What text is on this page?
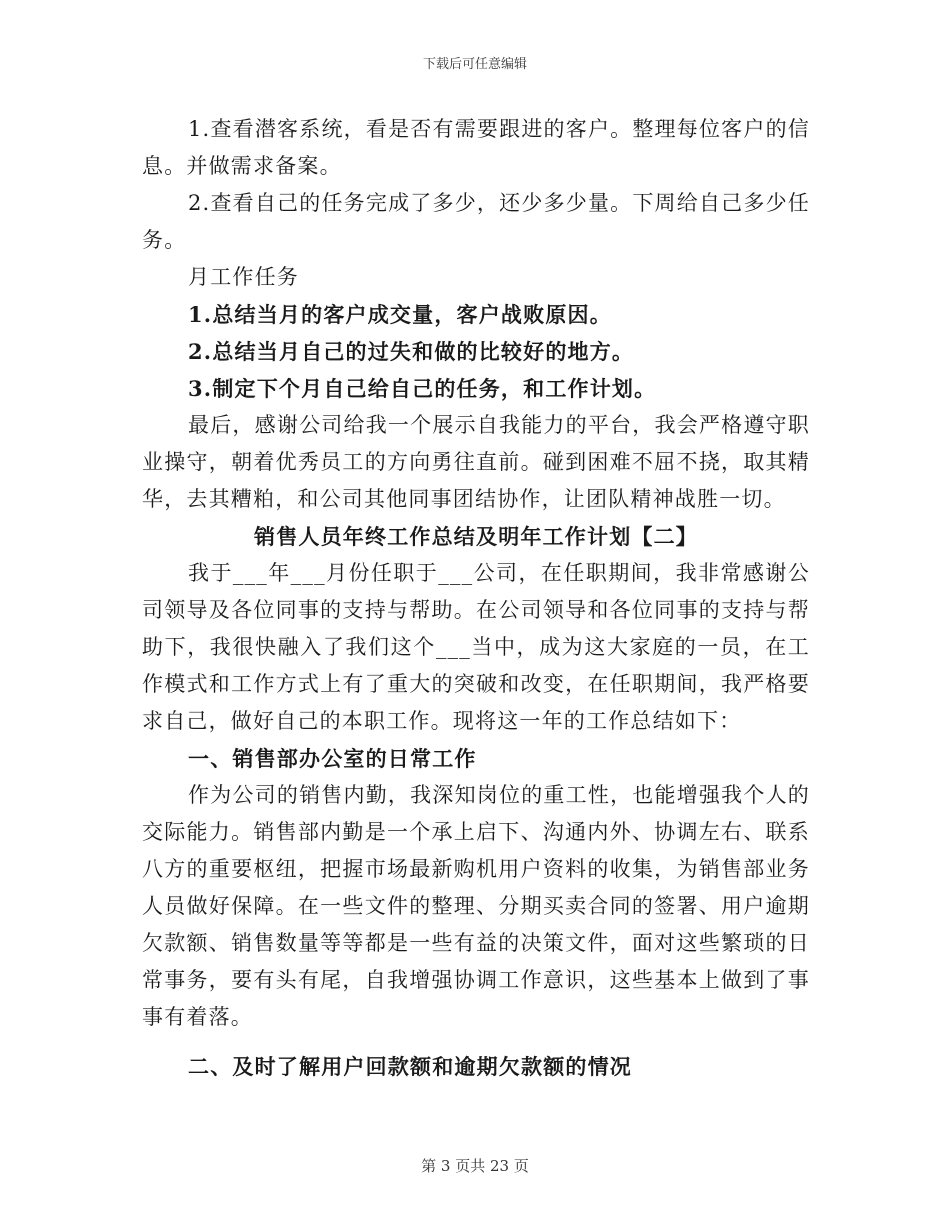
下载后可任意编辑

1.查看潜客系统，看是否有需要跟进的客户。整理每位客户的信息。并做需求备案。

2.查看自己的任务完成了多少，还少多少量。下周给自己多少任务。

月工作任务

1.总结当月的客户成交量，客户战败原因。

2.总结当月自己的过失和做的比较好的地方。

3.制定下个月自己给自己的任务，和工作计划。

最后，感谢公司给我一个展示自我能力的平台，我会严格遵守职业操守，朝着优秀员工的方向勇往直前。碰到困难不屈不挠，取其精华，去其糟粕，和公司其他同事团结协作，让团队精神战胜一切。

销售人员年终工作总结及明年工作计划【二】

我于___年___月份任职于___公司，在任职期间，我非常感谢公司领导及各位同事的支持与帮助。在公司领导和各位同事的支持与帮助下，我很快融入了我们这个___当中，成为这大家庭的一员，在工作模式和工作方式上有了重大的突破和改变，在任职期间，我严格要求自己，做好自己的本职工作。现将这一年的工作总结如下：

一、销售部办公室的日常工作

作为公司的销售内勤，我深知岗位的重工性，也能增强我个人的交际能力。销售部内勤是一个承上启下、沟通内外、协调左右、联系八方的重要枢纽，把握市场最新购机用户资料的收集，为销售部业务人员做好保障。在一些文件的整理、分期买卖合同的签署、用户逾期欠款额、销售数量等等都是一些有益的决策文件，面对这些繁琐的日常事务，要有头有尾，自我增强协调工作意识，这些基本上做到了事事有着落。

二、及时了解用户回款额和逾期欠款额的情况

第 3 页共 23 页
